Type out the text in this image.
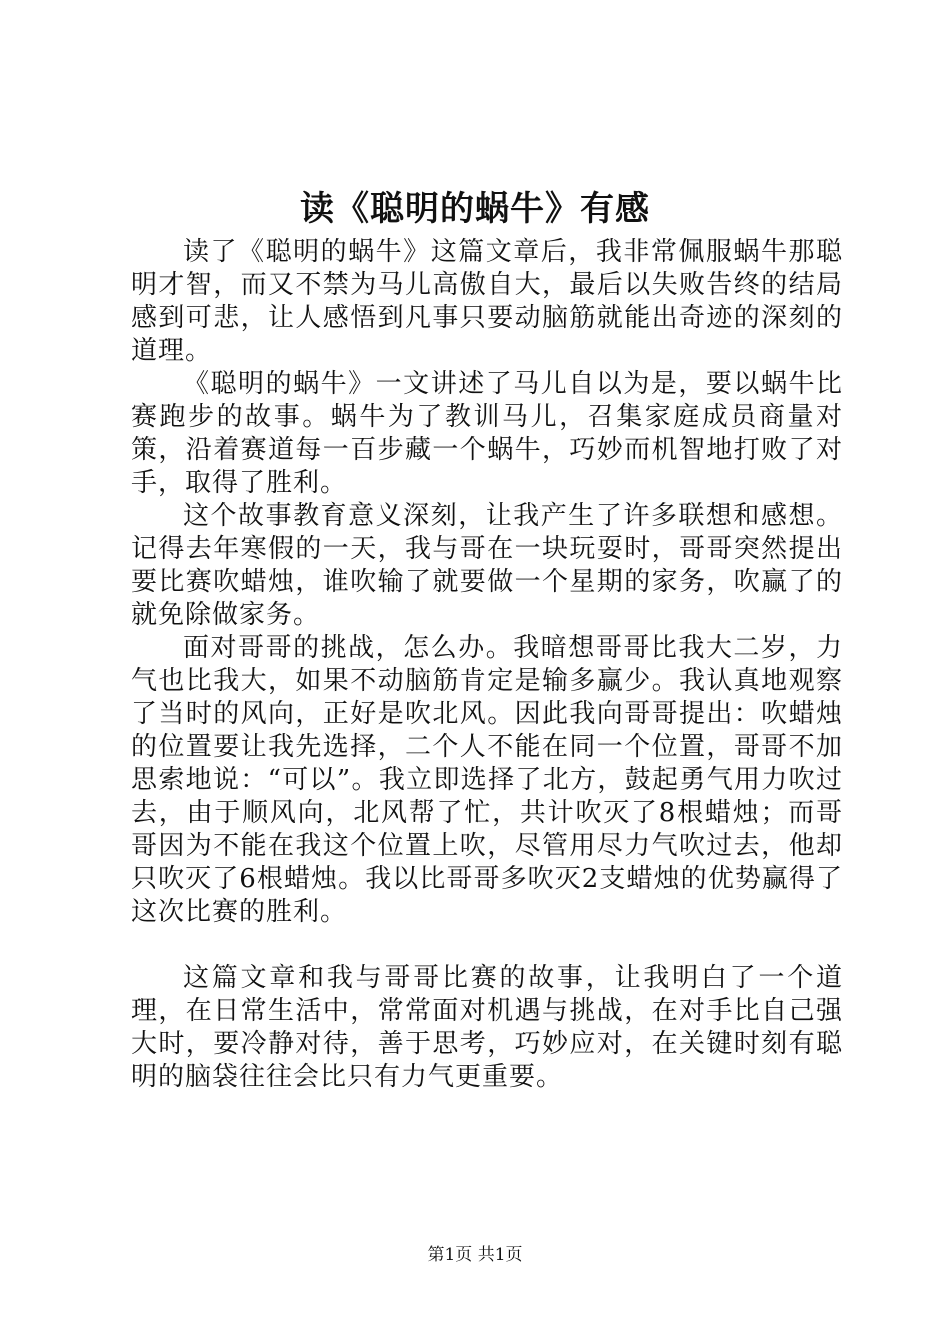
读《聪明的蜗牛》有感

读了《聪明的蜗牛》这篇文章后，我非常佩服蜗牛那聪明才智，而又不禁为马儿高傲自大，最后以失败告终的结局感到可悲，让人感悟到凡事只要动脑筋就能出奇迹的深刻的道理。

《聪明的蜗牛》一文讲述了马儿自以为是，要以蜗牛比赛跑步的故事。蜗牛为了教训马儿，召集家庭成员商量对策，沿着赛道每一百步藏一个蜗牛，巧妙而机智地打败了对手，取得了胜利。

这个故事教育意义深刻，让我产生了许多联想和感想。记得去年寒假的一天，我与哥在一块玩耍时，哥哥突然提出要比赛吹蜡烛，谁吹输了就要做一个星期的家务，吹赢了的就免除做家务。

面对哥哥的挑战，怎么办。我暗想哥哥比我大二岁，力气也比我大，如果不动脑筋肯定是输多赢少。我认真地观察了当时的风向，正好是吹北风。因此我向哥哥提出：吹蜡烛的位置要让我先选择，二个人不能在同一个位置，哥哥不加思索地说：“可以”。我立即选择了北方，鼓起勇气用力吹过去，由于顺风向，北风帮了忙，共计吹灭了8根蜡烛；而哥哥因为不能在我这个位置上吹，尽管用尽力气吹过去，他却只吹灭了6根蜡烛。我以比哥哥多吹灭2支蜡烛的优势赢得了这次比赛的胜利。

这篇文章和我与哥哥比赛的故事，让我明白了一个道理，在日常生活中，常常面对机遇与挑战，在对手比自己强大时，要冷静对待，善于思考，巧妙应对，在关键时刻有聪明的脑袋往往会比只有力气更重要。

第1页 共1页
